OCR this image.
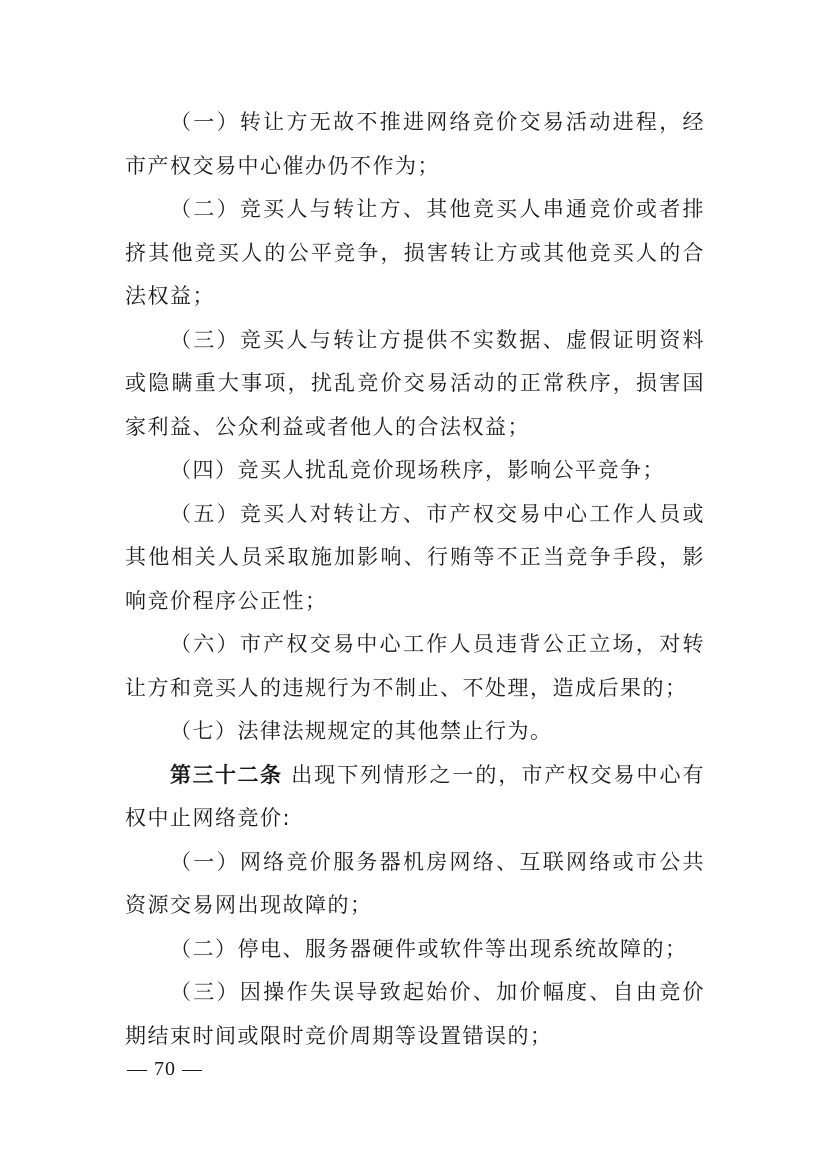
（一）转让方无故不推进网络竞价交易活动进程，经市产权交易中心催办仍不作为；

（二）竞买人与转让方、其他竞买人串通竞价或者排挤其他竞买人的公平竞争，损害转让方或其他竞买人的合法权益；

（三）竞买人与转让方提供不实数据、虚假证明资料或隐瞒重大事项，扰乱竞价交易活动的正常秩序，损害国家利益、公众利益或者他人的合法权益；

（四）竞买人扰乱竞价现场秩序，影响公平竞争；

（五）竞买人对转让方、市产权交易中心工作人员或其他相关人员采取施加影响、行贿等不正当竞争手段，影响竞价程序公正性；

（六）市产权交易中心工作人员违背公正立场，对转让方和竞买人的违规行为不制止、不处理，造成后果的；

（七）法律法规规定的其他禁止行为。

第三十二条 出现下列情形之一的，市产权交易中心有权中止网络竞价:

（一）网络竞价服务器机房网络、互联网络或市公共资源交易网出现故障的；

（二）停电、服务器硬件或软件等出现系统故障的；

（三）因操作失误导致起始价、加价幅度、自由竞价期结束时间或限时竞价周期等设置错误的；

— 70 —
